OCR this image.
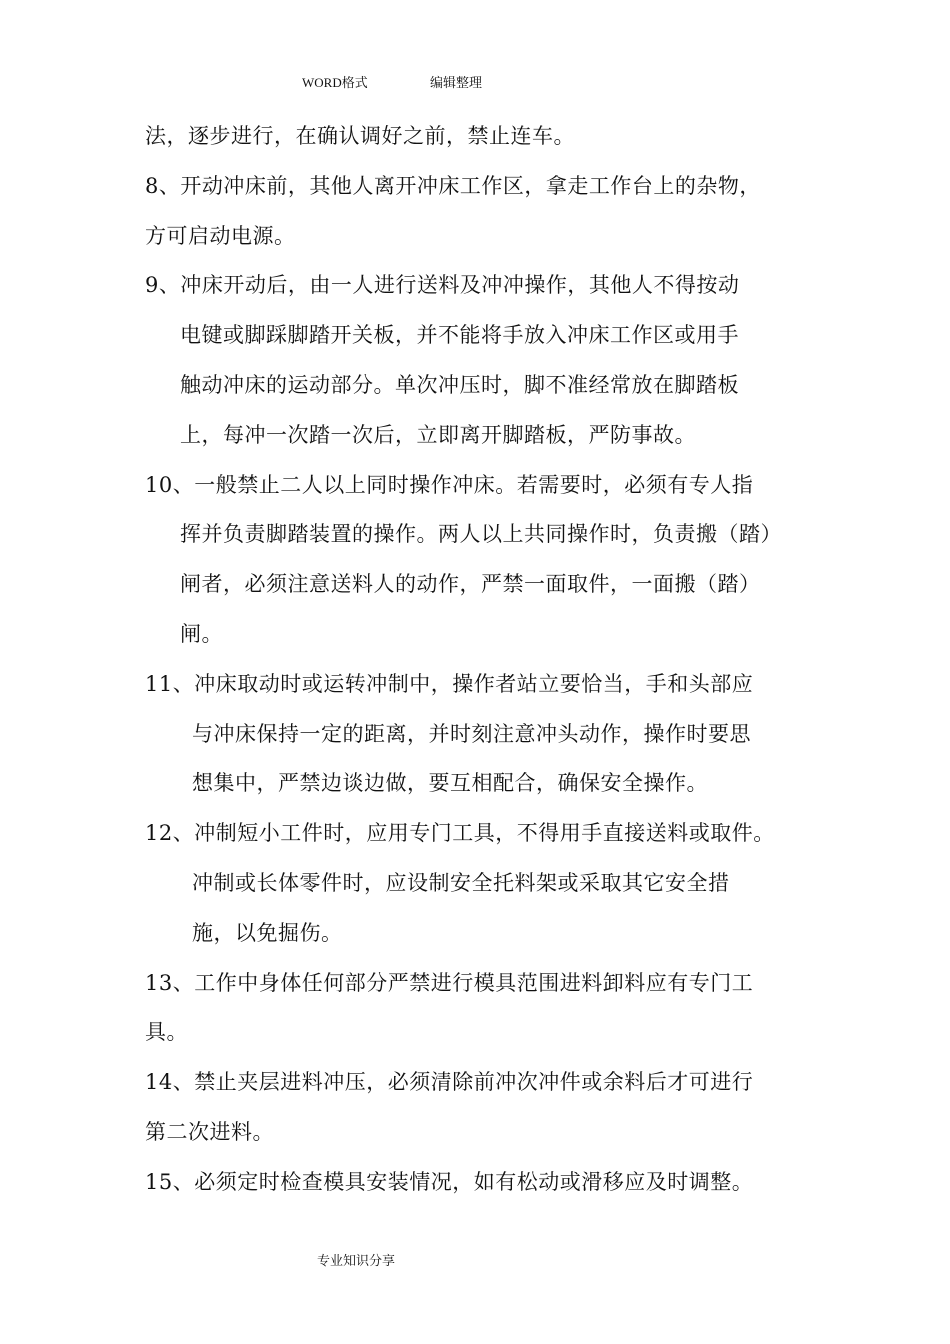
WORD格式	编辑整理

法，逐步进行，在确认调好之前，禁止连车。

8、开动冲床前，其他人离开冲床工作区，拿走工作台上的杂物，
方可启动电源。

9、冲床开动后，由一人进行送料及冲冲操作，其他人不得按动

电键或脚踩脚踏开关板，并不能将手放入冲床工作区或用手
触动冲床的运动部分。单次冲压时，脚不准经常放在脚踏板
上，每冲一次踏一次后，立即离开脚踏板，严防事故。

10、一般禁止二人以上同时操作冲床。若需要时，必须有专人指

挥并负责脚踏装置的操作。两人以上共同操作时，负责搬（踏）
闸者，必须注意送料人的动作，严禁一面取件，一面搬（踏）
闸。

11、冲床取动时或运转冲制中，操作者站立要恰当，手和头部应

与冲床保持一定的距离，并时刻注意冲头动作，操作时要思
想集中，严禁边谈边做，要互相配合，确保安全操作。

12、冲制短小工件时，应用专门工具，不得用手直接送料或取件。

冲制或长体零件时，应设制安全托料架或采取其它安全措
施，以免掘伤。

13、工作中身体任何部分严禁进行模具范围进料卸料应有专门工
具。

14、禁止夹层进料冲压，必须清除前冲次冲件或余料后才可进行
第二次进料。

15、必须定时检查模具安装情况，如有松动或滑移应及时调整。

专业知识分享
